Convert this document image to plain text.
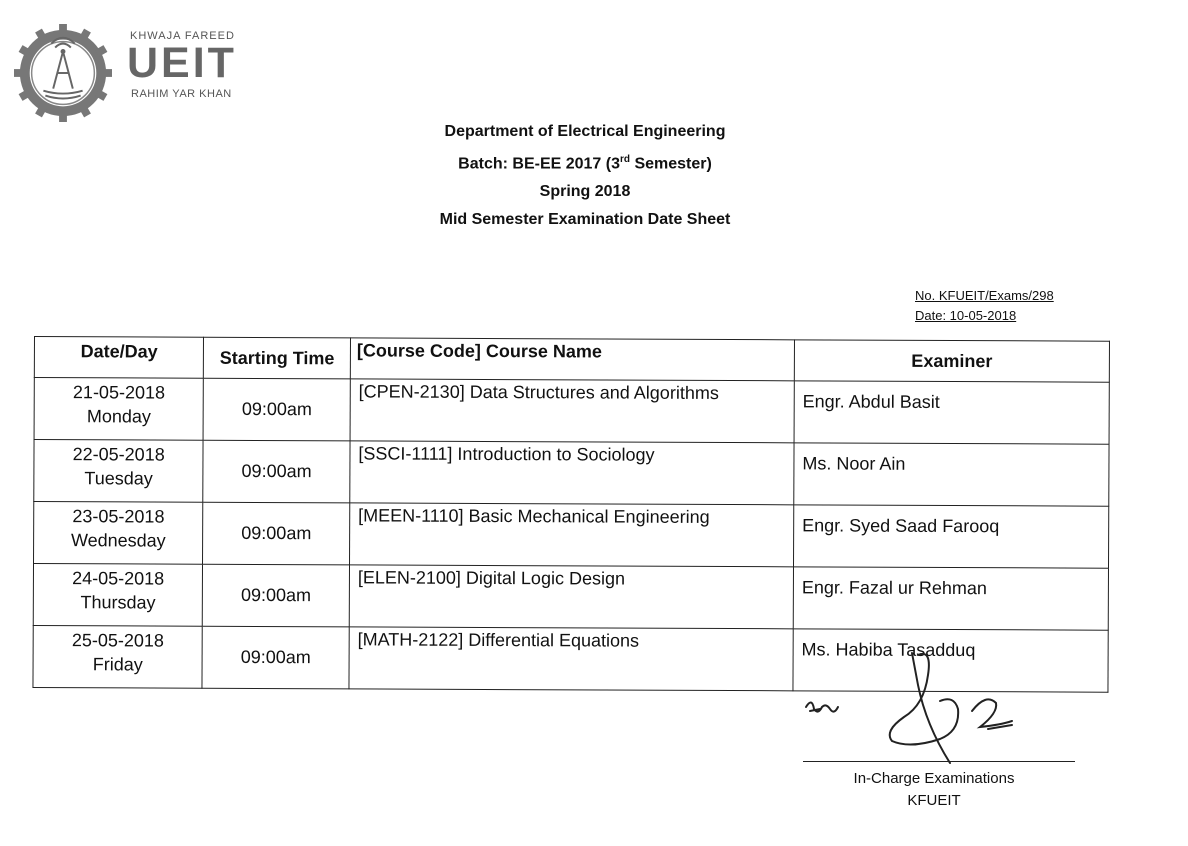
KHWAJA FAREED
UEIT
RAHIM YAR KHAN
Department of Electrical Engineering
Batch: BE-EE 2017 (3rd Semester)
Spring 2018
Mid Semester Examination Date Sheet
No. KFUEIT/Exams/298
Date: 10-05-2018
Date/Day	Starting Time	[Course Code] Course Name	Examiner

21-05-2018
Monday	09:00am	[CPEN-2130] Data Structures and Algorithms	Engr. Abdul Basit

22-05-2018
Tuesday	09:00am	[SSCI-1111] Introduction to Sociology	Ms. Noor Ain

23-05-2018
Wednesday	09:00am	[MEEN-1110] Basic Mechanical Engineering	Engr. Syed Saad Farooq

24-05-2018
Thursday	09:00am	[ELEN-2100] Digital Logic Design	Engr. Fazal ur Rehman

25-05-2018
Friday	09:00am	[MATH-2122] Differential Equations	Ms. Habiba Tasadduq
In-Charge Examinations
KFUEIT
